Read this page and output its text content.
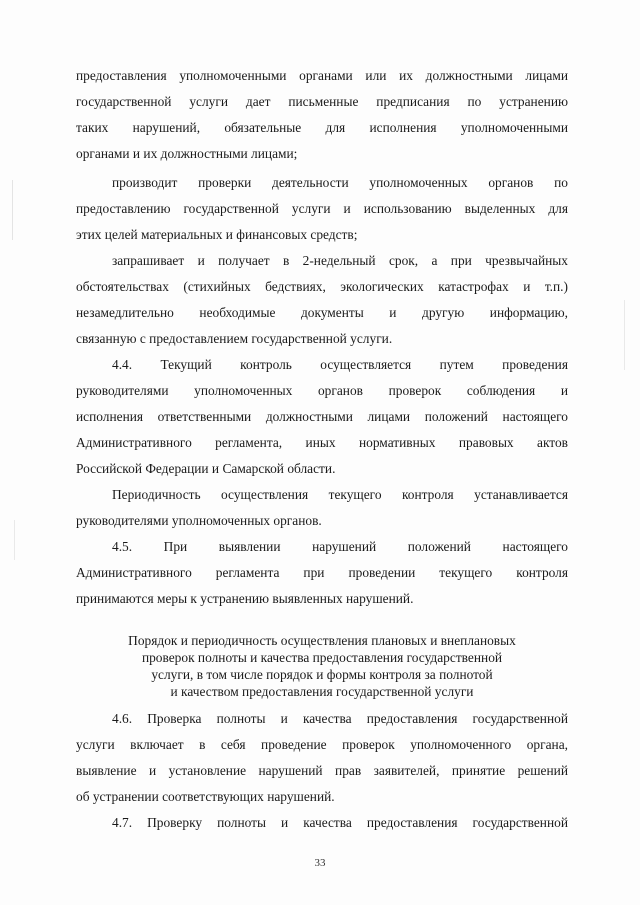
предоставления уполномоченными органами или их должностными лицами
государственной услуги дает письменные предписания по устранению
таких нарушений, обязательные для исполнения уполномоченными
органами и их должностными лицами;
производит проверки деятельности уполномоченных органов по
предоставлению государственной услуги и использованию выделенных для
этих целей материальных и финансовых средств;
запрашивает и получает в 2-недельный срок, а при чрезвычайных
обстоятельствах (стихийных бедствиях, экологических катастрофах и т.п.)
незамедлительно необходимые документы и другую информацию,
связанную с предоставлением государственной услуги.
4.4. Текущий контроль осуществляется путем проведения
руководителями уполномоченных органов проверок соблюдения и
исполнения ответственными должностными лицами положений настоящего
Административного регламента, иных нормативных правовых актов
Российской Федерации и Самарской области.
Периодичность осуществления текущего контроля устанавливается
руководителями уполномоченных органов.
4.5. При выявлении нарушений положений настоящего
Административного регламента при проведении текущего контроля
принимаются меры к устранению выявленных нарушений.
Порядок и периодичность осуществления плановых и внеплановых
проверок полноты и качества предоставления государственной
услуги, в том числе порядок и формы контроля за полнотой
и качеством предоставления государственной услуги
4.6. Проверка полноты и качества предоставления государственной
услуги включает в себя проведение проверок уполномоченного органа,
выявление и установление нарушений прав заявителей, принятие решений
об устранении соответствующих нарушений.
4.7. Проверку полноты и качества предоставления государственной
33
